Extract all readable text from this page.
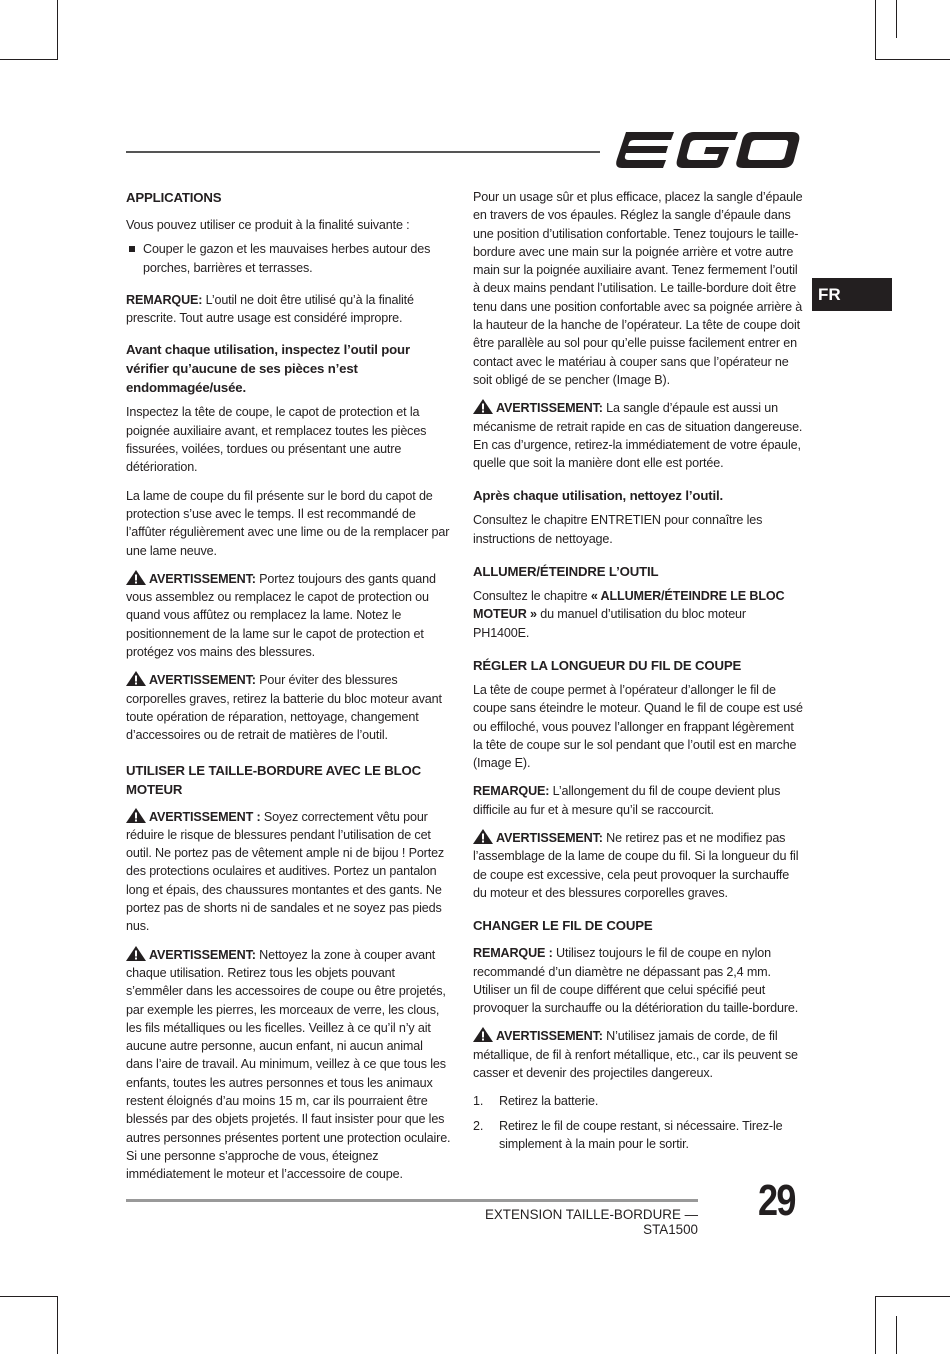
FR
APPLICATIONS

Vous pouvez utiliser ce produit à la finalité suivante :

Couper le gazon et les mauvaises herbes autour des porches, barrières et terrasses.

REMARQUE: L’outil ne doit être utilisé qu’à la finalité prescrite. Tout autre usage est considéré impropre.

Avant chaque utilisation, inspectez l’outil pour vérifier qu’aucune de ses pièces n’est endommagée/usée.

Inspectez la tête de coupe, le capot de protection et la poignée auxiliaire avant, et remplacez toutes les pièces fissurées, voilées, tordues ou présentant une autre détérioration.

La lame de coupe du fil présente sur le bord du capot de protection s’use avec le temps. Il est recommandé de l’affûter régulièrement avec une lime ou de la remplacer par une lame neuve.

AVERTISSEMENT: Portez toujours des gants quand vous assemblez ou remplacez le capot de protection ou quand vous affûtez ou remplacez la lame. Notez le positionnement de la lame sur le capot de protection et protégez vos mains des blessures.

AVERTISSEMENT: Pour éviter des blessures corporelles graves, retirez la batterie du bloc moteur avant toute opération de réparation, nettoyage, changement d’accessoires ou de retrait de matières de l’outil.

UTILISER LE TAILLE-BORDURE AVEC LE BLOC MOTEUR

AVERTISSEMENT : Soyez correctement vêtu pour réduire le risque de blessures pendant l’utilisation de cet outil. Ne portez pas de vêtement ample ni de bijou ! Portez des protections oculaires et auditives. Portez un pantalon long et épais, des chaussures montantes et des gants. Ne portez pas de shorts ni de sandales et ne soyez pas pieds nus.

AVERTISSEMENT: Nettoyez la zone à couper avant chaque utilisation. Retirez tous les objets pouvant s’emmêler dans les accessoires de coupe ou être projetés, par exemple les pierres, les morceaux de verre, les clous, les fils métalliques ou les ficelles. Veillez à ce qu’il n’y ait aucune autre personne, aucun enfant, ni aucun animal dans l’aire de travail. Au minimum, veillez à ce que tous les enfants, toutes les autres personnes et tous les animaux restent éloignés d’au moins 15 m, car ils pourraient être blessés par des objets projetés. Il faut insister pour que les autres personnes présentes portent une protection oculaire. Si une personne s’approche de vous, éteignez immédiatement le moteur et l’accessoire de coupe.

Pour un usage sûr et plus efficace, placez la sangle d’épaule en travers de vos épaules. Réglez la sangle d’épaule dans une position d’utilisation confortable. Tenez toujours le taille-bordure avec une main sur la poignée arrière et votre autre main sur la poignée auxiliaire avant. Tenez fermement l’outil à deux mains pendant l’utilisation. Le taille-bordure doit être tenu dans une position confortable avec sa poignée arrière à la hauteur de la hanche de l’opérateur. La tête de coupe doit être parallèle au sol pour qu’elle puisse facilement entrer en contact avec le matériau à couper sans que l’opérateur ne soit obligé de se pencher (Image B).

AVERTISSEMENT: La sangle d’épaule est aussi un mécanisme de retrait rapide en cas de situation dangereuse. En cas d’urgence, retirez-la immédiatement de votre épaule, quelle que soit la manière dont elle est portée.

Après chaque utilisation, nettoyez l’outil.

Consultez le chapitre ENTRETIEN pour connaître les instructions de nettoyage.

ALLUMER/ÉTEINDRE L’OUTIL

Consultez le chapitre « ALLUMER/ÉTEINDRE LE BLOC MOTEUR » du manuel d’utilisation du bloc moteur PH1400E.

RÉGLER LA LONGUEUR DU FIL DE COUPE

La tête de coupe permet à l’opérateur d’allonger le fil de coupe sans éteindre le moteur. Quand le fil de coupe est usé ou effiloché, vous pouvez l’allonger en frappant légèrement la tête de coupe sur le sol pendant que l’outil est en marche (Image E).

REMARQUE: L’allongement du fil de coupe devient plus difficile au fur et à mesure qu’il se raccourcit.

AVERTISSEMENT: Ne retirez pas et ne modifiez pas l’assemblage de la lame de coupe du fil. Si la longueur du fil de coupe est excessive, cela peut provoquer la surchauffe du moteur et des blessures corporelles graves.

CHANGER LE FIL DE COUPE

REMARQUE : Utilisez toujours le fil de coupe en nylon recommandé d’un diamètre ne dépassant pas 2,4 mm. Utiliser un fil de coupe différent que celui spécifié peut provoquer la surchauffe ou la détérioration du taille-bordure.

AVERTISSEMENT: N’utilisez jamais de corde, de fil métallique, de fil à renfort métallique, etc., car ils peuvent se casser et devenir des projectiles dangereux.

1. Retirez la batterie.
2. Retirez le fil de coupe restant, si nécessaire. Tirez-le simplement à la main pour le sortir.
EXTENSION TAILLE-BORDURE — STA1500
29
